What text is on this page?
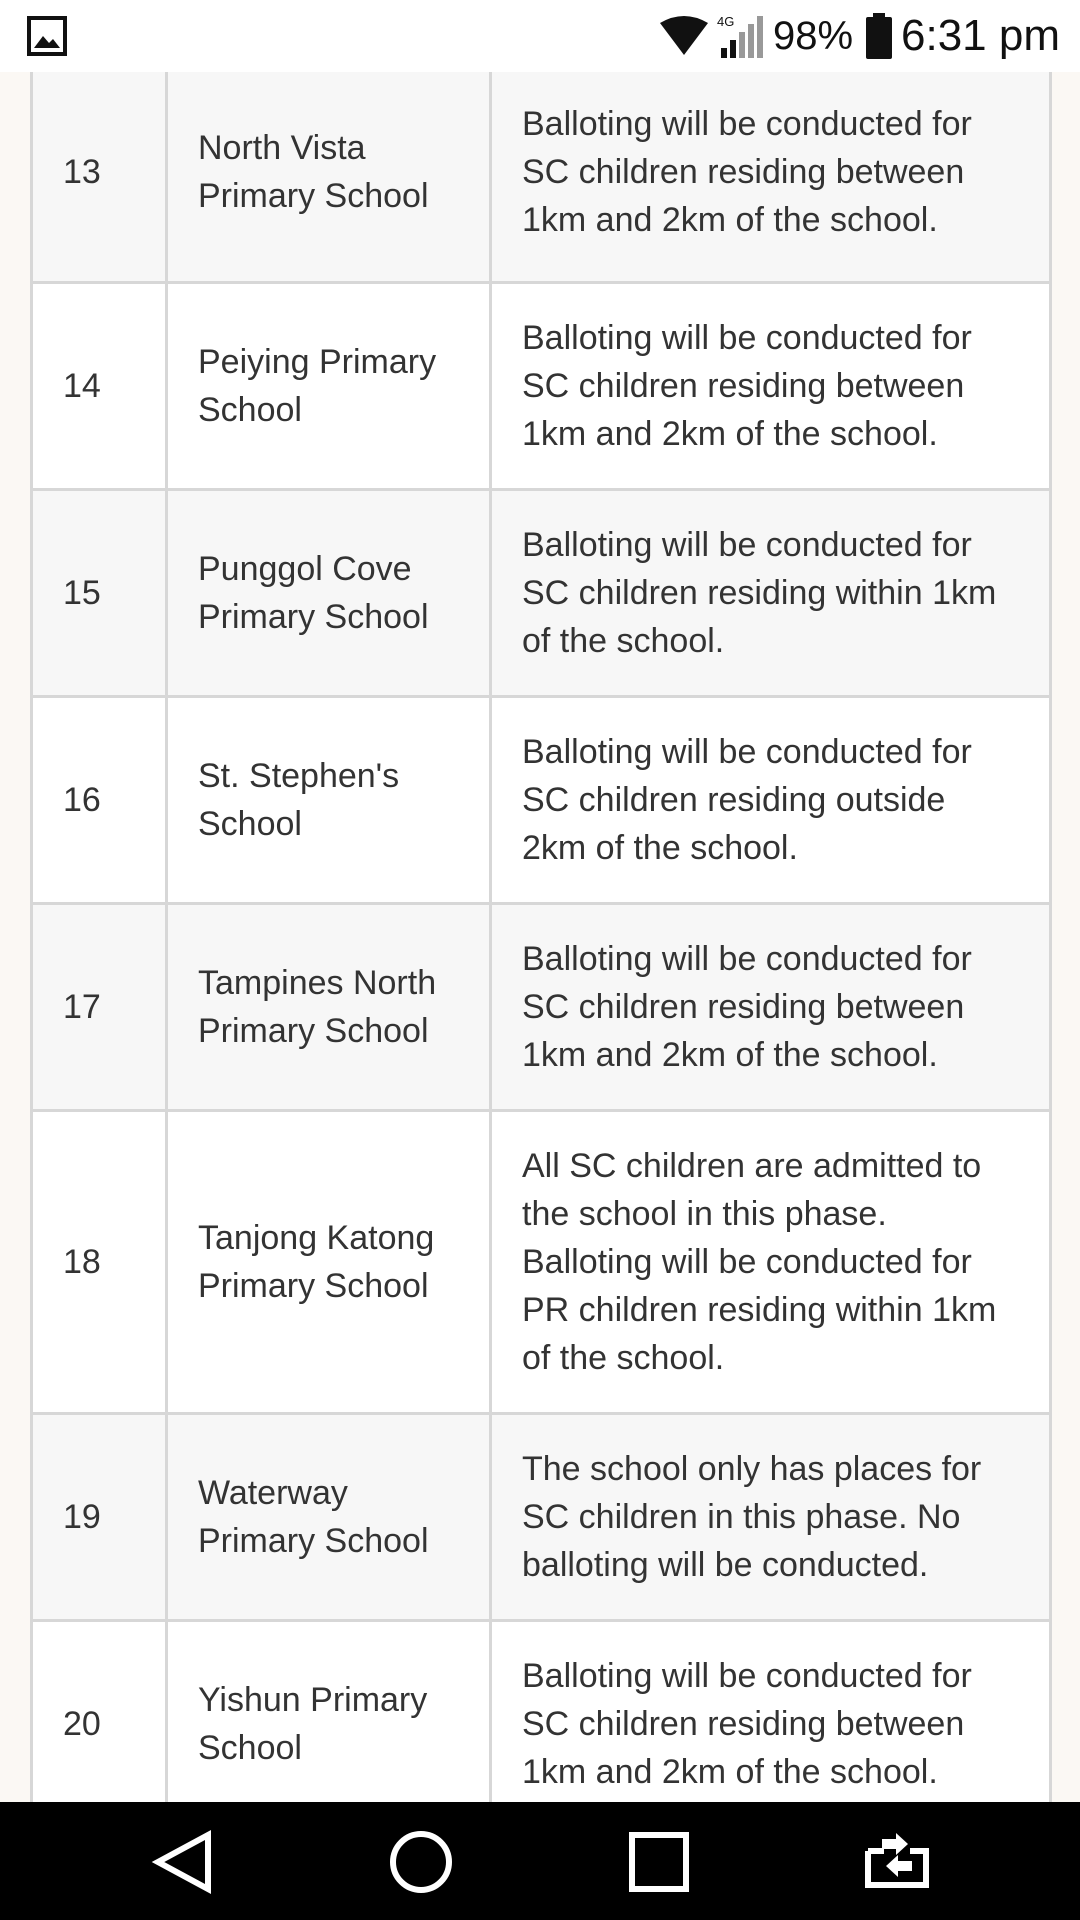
4G 98% 6:31 pm
13	North Vista Primary School	Balloting will be conducted for SC children residing between 1km and 2km of the school.
14	Peiying Primary School	Balloting will be conducted for SC children residing between 1km and 2km of the school.
15	Punggol Cove Primary School	Balloting will be conducted for SC children residing within 1km of the school.
16	St. Stephen's School	Balloting will be conducted for SC children residing outside 2km of the school.
17	Tampines North Primary School	Balloting will be conducted for SC children residing between 1km and 2km of the school.
18	Tanjong Katong Primary School	All SC children are admitted to the school in this phase. Balloting will be conducted for PR children residing within 1km of the school.
19	Waterway Primary School	The school only has places for SC children in this phase. No balloting will be conducted.
20	Yishun Primary School	Balloting will be conducted for SC children residing between 1km and 2km of the school.
